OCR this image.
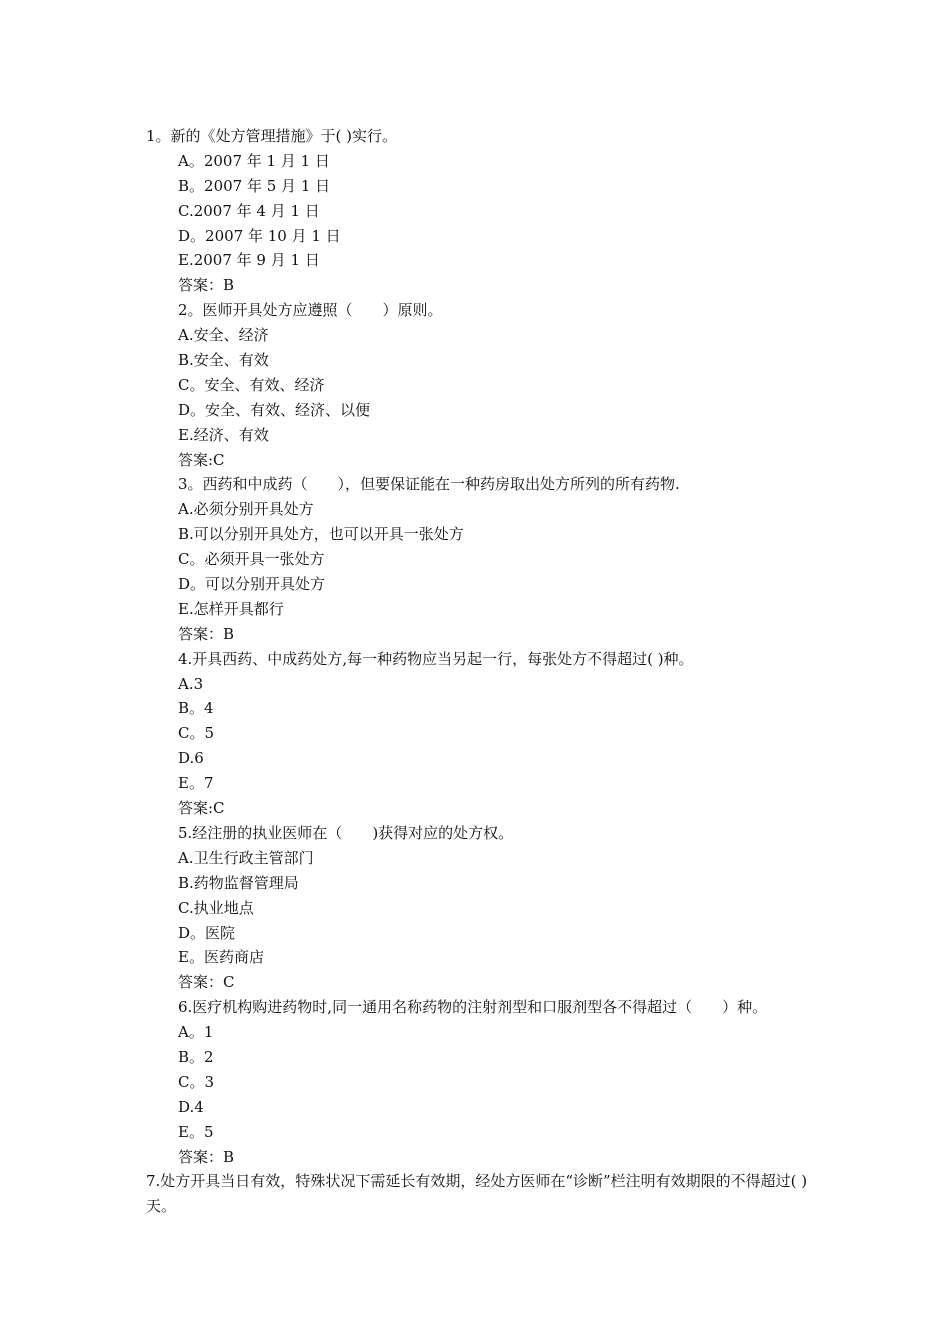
1。新的《处方管理措施》于( )实行。
A。2007 年 1 月 1 日
B。2007 年 5 月 1 日
C.2007 年 4 月 1 日
D。2007 年 10 月 1 日
E.2007 年 9 月 1 日
答案：B
2。医师开具处方应遵照（　　）原则。
A.安全、经济
B.安全、有效
C。安全、有效、经济
D。安全、有效、经济、以便
E.经济、有效
答案:C
3。西药和中成药（　　），但要保证能在一种药房取出处方所列的所有药物.
A.必须分别开具处方
B.可以分别开具处方，也可以开具一张处方
C。必须开具一张处方
D。可以分别开具处方
E.怎样开具都行
答案：B
4.开具西药、中成药处方,每一种药物应当另起一行，每张处方不得超过( )种。
A.3
B。4
C。5
D.6
E。7
答案:C
5.经注册的执业医师在（　　)获得对应的处方权。
A.卫生行政主管部门
B.药物监督管理局
C.执业地点
D。医院
E。医药商店
答案：C
6.医疗机构购进药物时,同一通用名称药物的注射剂型和口服剂型各不得超过（　　）种。
A。1
B。2
C。3
D.4
E。5
答案：B
7.处方开具当日有效，特殊状况下需延长有效期，经处方医师在“诊断”栏注明有效期限的不得超过( )天。
